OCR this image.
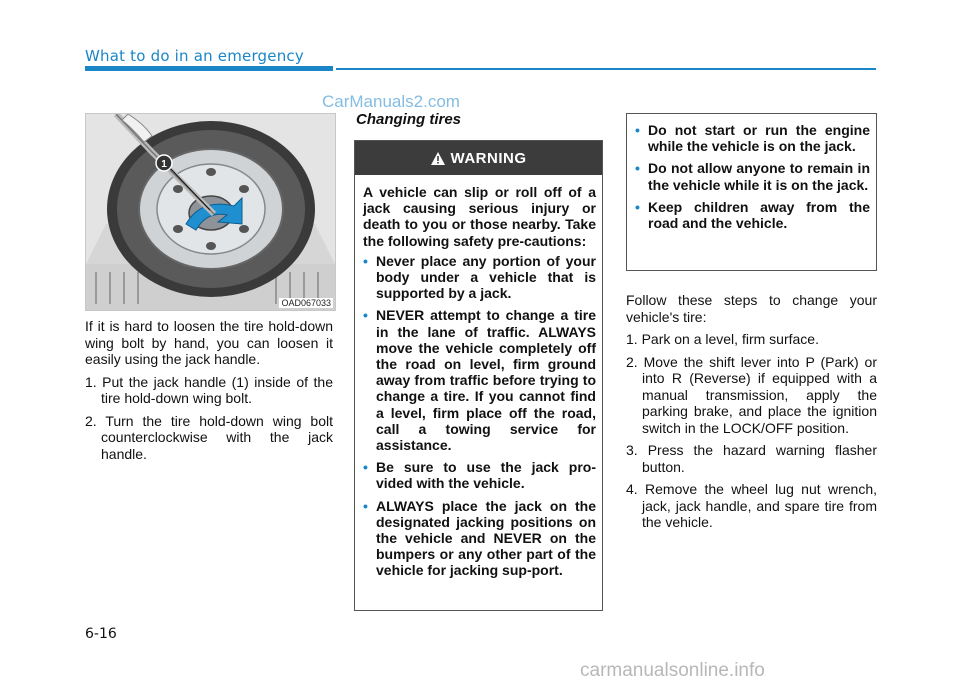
What to do in an emergency
CarManuals2.com
1
OAD067033

If it is hard to loosen the tire hold-down wing bolt by hand, you can loosen it easily using the jack handle.

1. Put the jack handle (1) inside of the tire hold-down wing bolt.
2. Turn the tire hold-down wing bolt counterclockwise with the jack handle.
Changing tires
WARNING

A vehicle can slip or roll off of a jack causing serious injury or death to you or those nearby. Take the following safety pre-cautions:

• Never place any portion of your body under a vehicle that is supported by a jack.
• NEVER attempt to change a tire in the lane of traffic. ALWAYS move the vehicle completely off the road on level, firm ground away from traffic before trying to change a tire. If you cannot find a level, firm place off the road, call a towing service for assistance.
• Be sure to use the jack pro-vided with the vehicle.
• ALWAYS place the jack on the designated jacking positions on the vehicle and NEVER on the bumpers or any other part of the vehicle for jacking sup-port.
• Do not start or run the engine while the vehicle is on the jack.
• Do not allow anyone to remain in the vehicle while it is on the jack.
• Keep children away from the road and the vehicle.

Follow these steps to change your vehicle's tire:

1. Park on a level, firm surface.
2. Move the shift lever into P (Park) or into R (Reverse) if equipped with a manual transmission, apply the parking brake, and place the ignition switch in the LOCK/OFF position.
3. Press the hazard warning flasher button.
4. Remove the wheel lug nut wrench, jack, jack handle, and spare tire from the vehicle.
6-16
carmanualsonline.info
